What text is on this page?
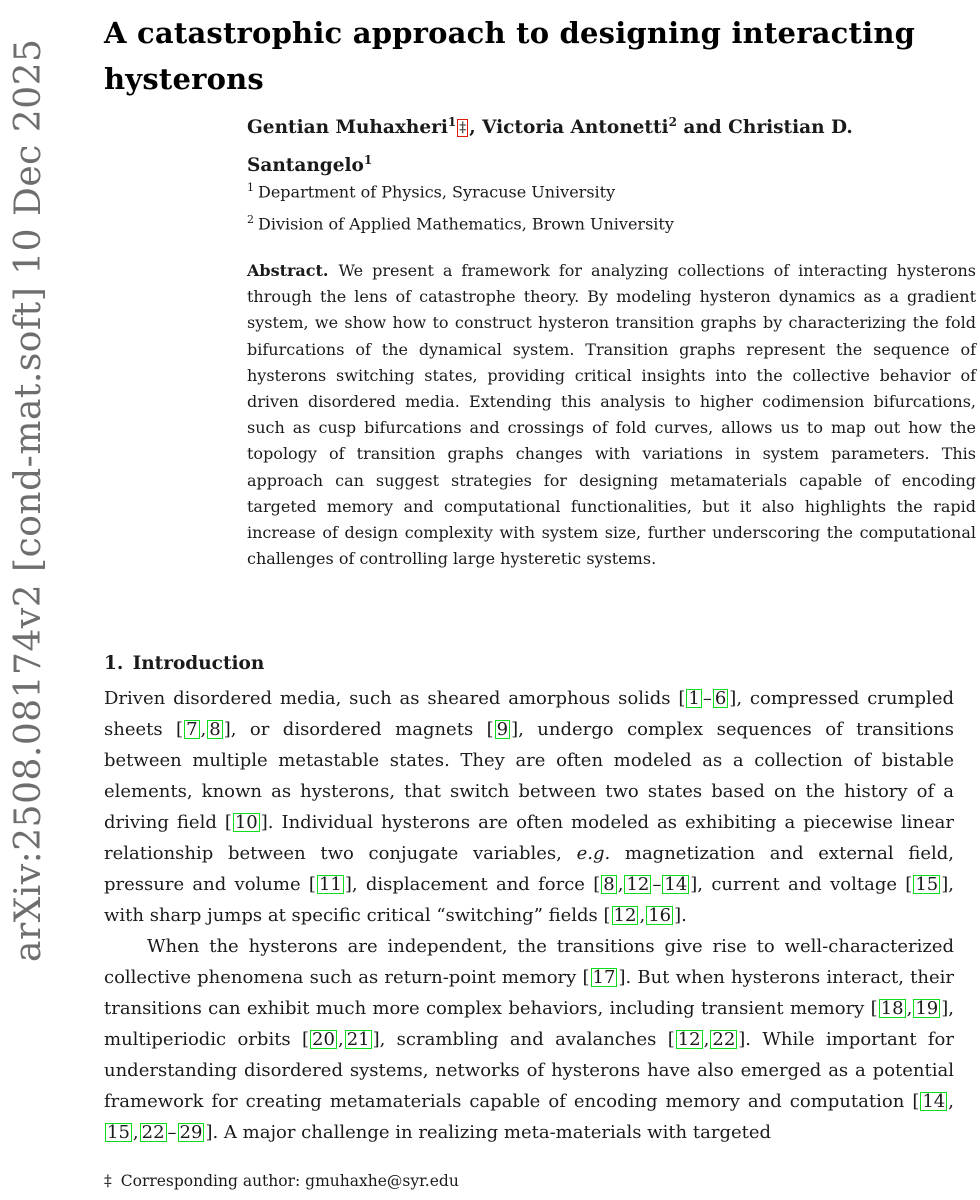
arXiv:2508.08174v2 [cond-mat.soft] 10 Dec 2025
A catastrophic approach to designing interacting hysterons
Gentian Muhaxheri$^1$ ‡ , Victoria Antonetti$^2$ and Christian D. Santangelo$^1$
$^1$ Department of Physics, Syracuse University
$^2$ Division of Applied Mathematics, Brown University
Abstract. We present a framework for analyzing collections of interacting hysterons through the lens of catastrophe theory. By modeling hysteron dynamics as a gradient system, we show how to construct hysteron transition graphs by characterizing the fold bifurcations of the dynamical system. Transition graphs represent the sequence of hysterons switching states, providing critical insights into the collective behavior of driven disordered media. Extending this analysis to higher codimension bifurcations, such as cusp bifurcations and crossings of fold curves, allows us to map out how the topology of transition graphs changes with variations in system parameters. This approach can suggest strategies for designing metamaterials capable of encoding targeted memory and computational functionalities, but it also highlights the rapid increase of design complexity with system size, further underscoring the computational challenges of controlling large hysteretic systems.
1. Introduction

Driven disordered media, such as sheared amorphous solids [ 1 – 6 ], compressed crumpled sheets [ 7 , 8 ], or disordered magnets [ 9 ], undergo complex sequences of transitions between multiple metastable states. They are often modeled as a collection of bistable elements, known as hysterons, that switch between two states based on the history of a driving field [ 10 ]. Individual hysterons are often modeled as exhibiting a piecewise linear relationship between two conjugate variables, e.g. magnetization and external field, pressure and volume [ 11 ], displacement and force [ 8 , 12 – 14 ], current and voltage [ 15 ], with sharp jumps at specific critical “switching” fields [ 12 , 16 ].

When the hysterons are independent, the transitions give rise to well-characterized collective phenomena such as return-point memory [ 17 ]. But when hysterons interact, their transitions can exhibit much more complex behaviors, including transient memory [ 18 , 19 ], multiperiodic orbits [ 20 , 21 ], scrambling and avalanches [ 12 , 22 ]. While important for understanding disordered systems, networks of hysterons have also emerged as a potential framework for creating metamaterials capable of encoding memory and computation [ 14 ,15 , 22 – 29 ]. A major challenge in realizing meta-materials with targeted

‡ Corresponding author: gmuhaxhe@syr.edu
